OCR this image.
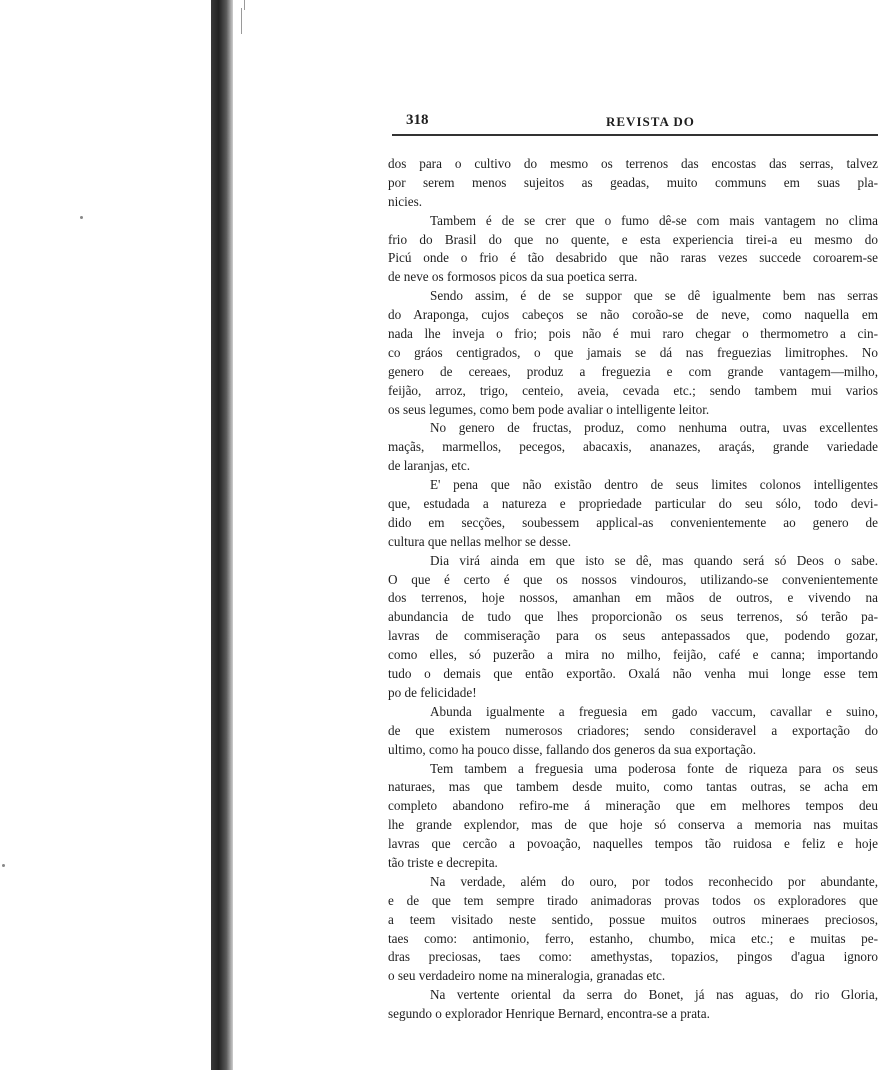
318	REVISTA DO
dos para o cultivo do mesmo os terrenos das encostas das serras, talvez
por serem menos sujeitos as geadas, muito communs em suas pla-
nicies.
Tambem é de se crer que o fumo dê-se com mais vantagem no clima
frio do Brasil do que no quente, e esta experiencia tirei-a eu mesmo do
Picú onde o frio é tão desabrido que não raras vezes succede coroarem-se
de neve os formosos picos da sua poetica serra.
Sendo assim, é de se suppor que se dê igualmente bem nas serras
do Araponga, cujos cabeços se não coroão-se de neve, como naquella em
nada lhe inveja o frio; pois não é mui raro chegar o thermometro a cin-
co gráos centigrados, o que jamais se dá nas freguezias limitrophes. No
genero de cereaes, produz a freguezia e com grande vantagem—milho,
feijão, arroz, trigo, centeio, aveia, cevada etc.; sendo tambem mui varios
os seus legumes, como bem pode avaliar o intelligente leitor.
No genero de fructas, produz, como nenhuma outra, uvas excellentes
maçãs, marmellos, pecegos, abacaxis, ananazes, araçás, grande variedade
de laranjas, etc.
E' pena que não existão dentro de seus limites colonos intelligentes
que, estudada a natureza e propriedade particular do seu sólo, todo devi-
dido em secções, soubessem applical-as convenientemente ao genero de
cultura que nellas melhor se desse.
Dia virá ainda em que isto se dê, mas quando será só Deos o sabe.
O que é certo é que os nossos vindouros, utilizando-se convenientemente
dos terrenos, hoje nossos, amanhan em mãos de outros, e vivendo na
abundancia de tudo que lhes proporcionão os seus terrenos, só terão pa-
lavras de commiseração para os seus antepassados que, podendo gozar,
como elles, só puzerão a mira no milho, feijão, café e canna; importando
tudo o demais que então exportão. Oxalá não venha mui longe esse tem
po de felicidade!
Abunda igualmente a freguesia em gado vaccum, cavallar e suino,
de que existem numerosos criadores; sendo consideravel a exportação do
ultimo, como ha pouco disse, fallando dos generos da sua exportação.
Tem tambem a freguesia uma poderosa fonte de riqueza para os seus
naturaes, mas que tambem desde muito, como tantas outras, se acha em
completo abandono refiro-me á mineração que em melhores tempos deu
lhe grande explendor, mas de que hoje só conserva a memoria nas muitas
lavras que cercão a povoação, naquelles tempos tão ruidosa e feliz e hoje
tão triste e decrepita.
Na verdade, além do ouro, por todos reconhecido por abundante,
e de que tem sempre tirado animadoras provas todos os exploradores que
a teem visitado neste sentido, possue muitos outros mineraes preciosos,
taes como: antimonio, ferro, estanho, chumbo, mica etc.; e muitas pe-
dras preciosas, taes como: amethystas, topazios, pingos d'agua ignoro
o seu verdadeiro nome na mineralogia, granadas etc.
Na vertente oriental da serra do Bonet, já nas aguas, do rio Gloria,
segundo o explorador Henrique Bernard, encontra-se a prata.
